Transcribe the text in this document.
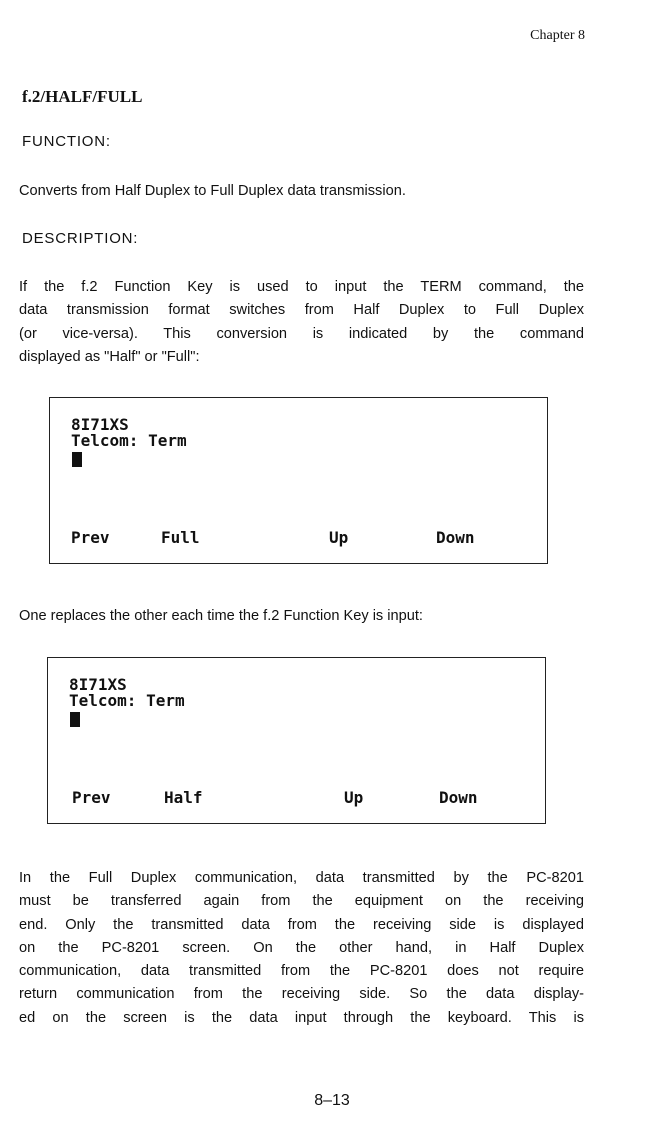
Chapter 8
f.2/HALF/FULL
FUNCTION:
Converts from Half Duplex to Full Duplex data transmission.
DESCRIPTION:
If the f.2 Function Key is used to input the TERM command, the
data transmission format switches from Half Duplex to Full Duplex
(or vice-versa). This conversion is indicated by the command
displayed as "Half" or "Full":
8I71XS
Telcom: Term
Prev	Full	Up	Down
One replaces the other each time the f.2 Function Key is input:
8I71XS
Telcom: Term
Prev	Half	Up	Down
In the Full Duplex communication, data transmitted by the PC-8201
must be transferred again from the equipment on the receiving
end. Only the transmitted data from the receiving side is displayed
on the PC-8201 screen. On the other hand, in Half Duplex
communication, data transmitted from the PC-8201 does not require
return communication from the receiving side. So the data display-
ed on the screen is the data input through the keyboard. This is
8–13
